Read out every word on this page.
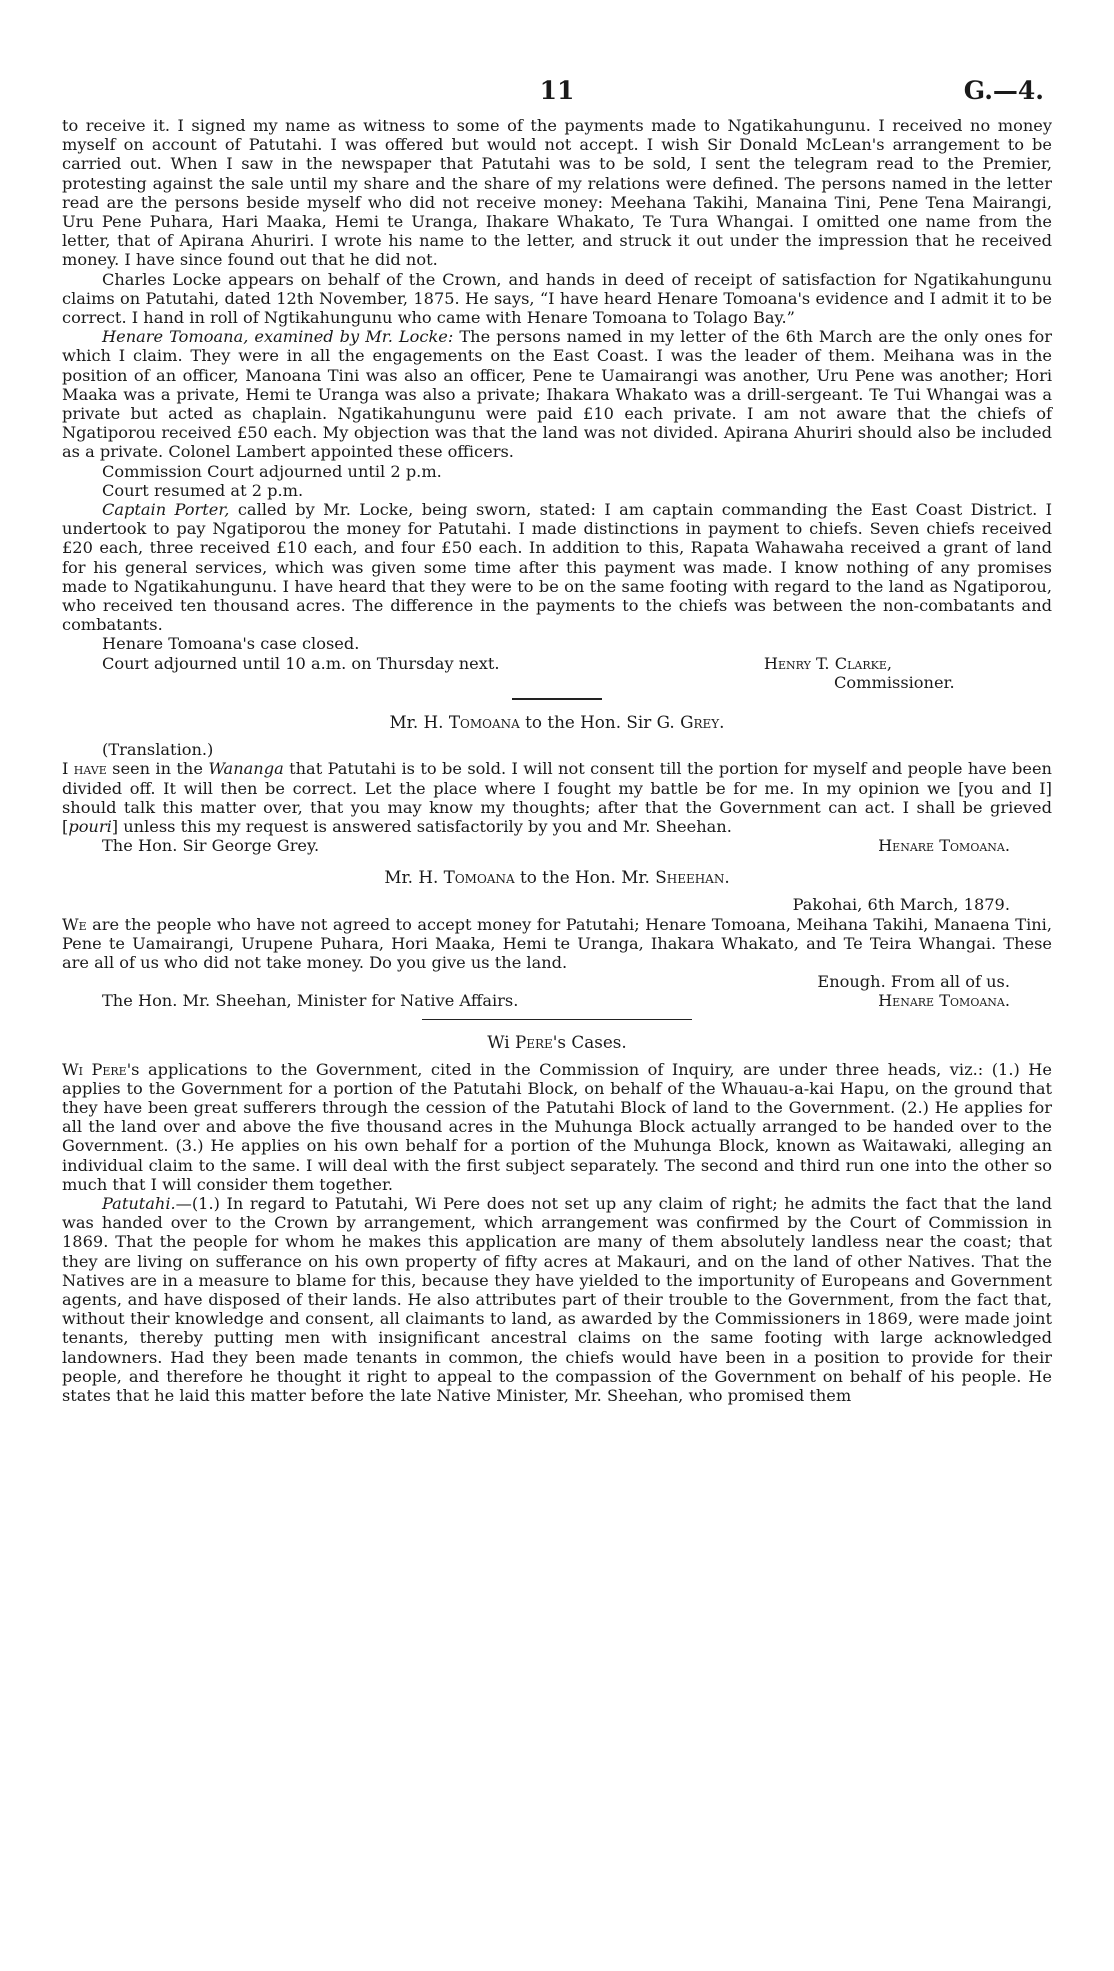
11	G.—4.

to receive it. I signed my name as witness to some of the payments made to Ngatikahungunu. I received no money myself on account of Patutahi. I was offered but would not accept. I wish Sir Donald McLean's arrangement to be carried out. When I saw in the newspaper that Patutahi was to be sold, I sent the telegram read to the Premier, protesting against the sale until my share and the share of my relations were defined. The persons named in the letter read are the persons beside myself who did not receive money: Meehana Takihi, Manaina Tini, Pene Tena Mairangi, Uru Pene Puhara, Hari Maaka, Hemi te Uranga, Ihakare Whakato, Te Tura Whangai. I omitted one name from the letter, that of Apirana Ahuriri. I wrote his name to the letter, and struck it out under the impression that he received money. I have since found out that he did not.

Charles Locke appears on behalf of the Crown, and hands in deed of receipt of satisfaction for Ngatikahungunu claims on Patutahi, dated 12th November, 1875. He says, “I have heard Henare Tomoana's evidence and I admit it to be correct. I hand in roll of Ngtikahungunu who came with Henare Tomoana to Tolago Bay.”

Henare Tomoana, examined by Mr. Locke: The persons named in my letter of the 6th March are the only ones for which I claim. They were in all the engagements on the East Coast. I was the leader of them. Meihana was in the position of an officer, Manoana Tini was also an officer, Pene te Uamairangi was another, Uru Pene was another; Hori Maaka was a private, Hemi te Uranga was also a private; Ihakara Whakato was a drill-sergeant. Te Tui Whangai was a private but acted as chaplain. Ngatikahungunu were paid £10 each private. I am not aware that the chiefs of Ngatiporou received £50 each. My objection was that the land was not divided. Apirana Ahuriri should also be included as a private. Colonel Lambert appointed these officers.

Commission Court adjourned until 2 p.m.

Court resumed at 2 p.m.

Captain Porter, called by Mr. Locke, being sworn, stated: I am captain commanding the East Coast District. I undertook to pay Ngatiporou the money for Patutahi. I made distinctions in payment to chiefs. Seven chiefs received £20 each, three received £10 each, and four £50 each. In addition to this, Rapata Wahawaha received a grant of land for his general services, which was given some time after this payment was made. I know nothing of any promises made to Ngatikahungunu. I have heard that they were to be on the same footing with regard to the land as Ngatiporou, who received ten thousand acres. The difference in the payments to the chiefs was between the non-combatants and combatants.

Henare Tomoana's case closed.

Court adjourned until 10 a.m. on Thursday next.	Henry T. Clarke,
Commissioner.
Mr. H. Tomoana to the Hon. Sir G. Grey.

(Translation.)

I have seen in the Wananga that Patutahi is to be sold. I will not consent till the portion for myself and people have been divided off. It will then be correct. Let the place where I fought my battle be for me. In my opinion we [you and I] should talk this matter over, that you may know my thoughts; after that the Government can act. I shall be grieved [pouri] unless this my request is answered satisfactorily by you and Mr. Sheehan.

The Hon. Sir George Grey.	Henare Tomoana.
Mr. H. Tomoana to the Hon. Mr. Sheehan.
Pakohai, 6th March, 1879.

We are the people who have not agreed to accept money for Patutahi; Henare Tomoana, Meihana Takihi, Manaena Tini, Pene te Uamairangi, Urupene Puhara, Hori Maaka, Hemi te Uranga, Ihakara Whakato, and Te Teira Whangai. These are all of us who did not take money. Do you give us the land.

Enough. From all of us.
The Hon. Mr. Sheehan, Minister for Native Affairs.	Henare Tomoana.
Wi Pere's Cases.

Wi Pere's applications to the Government, cited in the Commission of Inquiry, are under three heads, viz.: (1.) He applies to the Government for a portion of the Patutahi Block, on behalf of the Whauau-a-kai Hapu, on the ground that they have been great sufferers through the cession of the Patutahi Block of land to the Government. (2.) He applies for all the land over and above the five thousand acres in the Muhunga Block actually arranged to be handed over to the Government. (3.) He applies on his own behalf for a portion of the Muhunga Block, known as Waitawaki, alleging an individual claim to the same. I will deal with the first subject separately. The second and third run one into the other so much that I will consider them together.

Patutahi.—(1.) In regard to Patutahi, Wi Pere does not set up any claim of right; he admits the fact that the land was handed over to the Crown by arrangement, which arrangement was confirmed by the Court of Commission in 1869. That the people for whom he makes this application are many of them absolutely landless near the coast; that they are living on sufferance on his own property of fifty acres at Makauri, and on the land of other Natives. That the Natives are in a measure to blame for this, because they have yielded to the importunity of Europeans and Government agents, and have disposed of their lands. He also attributes part of their trouble to the Government, from the fact that, without their knowledge and consent, all claimants to land, as awarded by the Commissioners in 1869, were made joint tenants, thereby putting men with insignificant ancestral claims on the same footing with large acknowledged landowners. Had they been made tenants in common, the chiefs would have been in a position to provide for their people, and therefore he thought it right to appeal to the compassion of the Government on behalf of his people. He states that he laid this matter before the late Native Minister, Mr. Sheehan, who promised them
